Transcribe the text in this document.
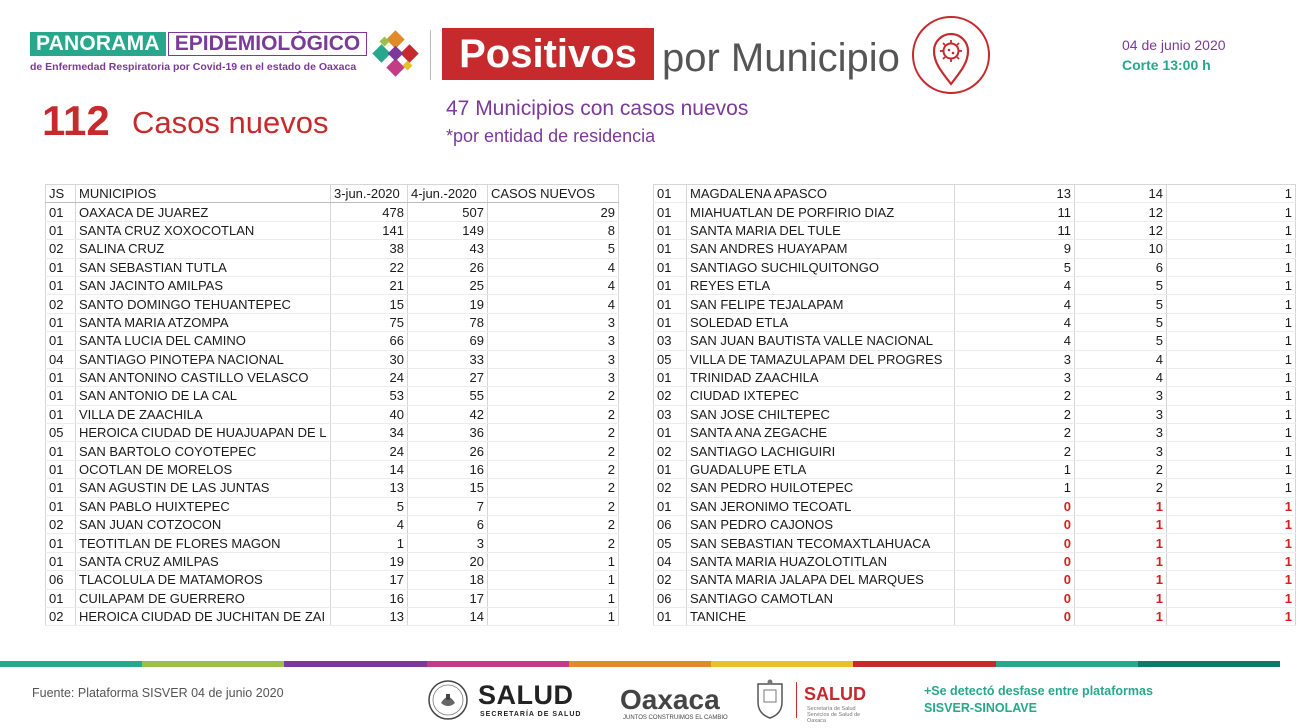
PANORAMA EPIDEMIOLÓGICO
de Enfermedad Respiratoria por Covid-19 en el estado de Oaxaca	Positivos por Municipio	04 de junio 2020
Corte 13:00 h
112 Casos nuevos	47 Municipios con casos nuevos
*por entidad de residencia
JS	MUNICIPIOS	3-jun.-2020	4-jun.-2020	CASOS NUEVOS
01	OAXACA DE JUAREZ	478	507	29
01	SANTA CRUZ XOXOCOTLAN	141	149	8
02	SALINA CRUZ	38	43	5
01	SAN SEBASTIAN TUTLA	22	26	4
01	SAN JACINTO AMILPAS	21	25	4
02	SANTO DOMINGO TEHUANTEPEC	15	19	4
01	SANTA MARIA ATZOMPA	75	78	3
01	SANTA LUCIA DEL CAMINO	66	69	3
04	SANTIAGO PINOTEPA NACIONAL	30	33	3
01	SAN ANTONINO CASTILLO VELASCO	24	27	3
01	SAN ANTONIO DE LA CAL	53	55	2
01	VILLA DE ZAACHILA	40	42	2
05	HEROICA CIUDAD DE HUAJUAPAN DE L	34	36	2
01	SAN BARTOLO COYOTEPEC	24	26	2
01	OCOTLAN DE MORELOS	14	16	2
01	SAN AGUSTIN DE LAS JUNTAS	13	15	2
01	SAN PABLO HUIXTEPEC	5	7	2
02	SAN JUAN COTZOCON	4	6	2
01	TEOTITLAN DE FLORES MAGON	1	3	2
01	SANTA CRUZ AMILPAS	19	20	1
06	TLACOLULA DE MATAMOROS	17	18	1
01	CUILAPAM DE GUERRERO	16	17	1
02	HEROICA CIUDAD DE JUCHITAN DE ZAI	13	14	1
01	MAGDALENA APASCO	13	14	1
01	MIAHUATLAN DE PORFIRIO DIAZ	11	12	1
01	SANTA MARIA DEL TULE	11	12	1
01	SAN ANDRES HUAYAPAM	9	10	1
01	SANTIAGO SUCHILQUITONGO	5	6	1
01	REYES ETLA	4	5	1
01	SAN FELIPE TEJALAPAM	4	5	1
01	SOLEDAD ETLA	4	5	1
03	SAN JUAN BAUTISTA VALLE NACIONAL	4	5	1
05	VILLA DE TAMAZULAPAM DEL PROGRES	3	4	1
01	TRINIDAD ZAACHILA	3	4	1
02	CIUDAD IXTEPEC	2	3	1
03	SAN JOSE CHILTEPEC	2	3	1
01	SANTA ANA ZEGACHE	2	3	1
02	SANTIAGO LACHIGUIRI	2	3	1
01	GUADALUPE ETLA	1	2	1
02	SAN PEDRO HUILOTEPEC	1	2	1
01	SAN JERONIMO TECOATL	0	1	1
06	SAN PEDRO CAJONOS	0	1	1
05	SAN SEBASTIAN TECOMAXTLAHUACA	0	1	1
04	SANTA MARIA HUAZOLOTITLAN	0	1	1
02	SANTA MARIA JALAPA DEL MARQUES	0	1	1
06	SANTIAGO CAMOTLAN	0	1	1
01	TANICHE	0	1	1
Fuente: Plataforma SISVER 04 de junio 2020	SALUD
SECRETARÍA DE SALUD Oaxaca
JUNTOS CONSTRUIMOS EL CAMBIO
SALUD
Secretaría de Salud Servicios de Salud de Oaxaca
+Se detectó desfase entre plataformas
SISVER-SINOLAVE
